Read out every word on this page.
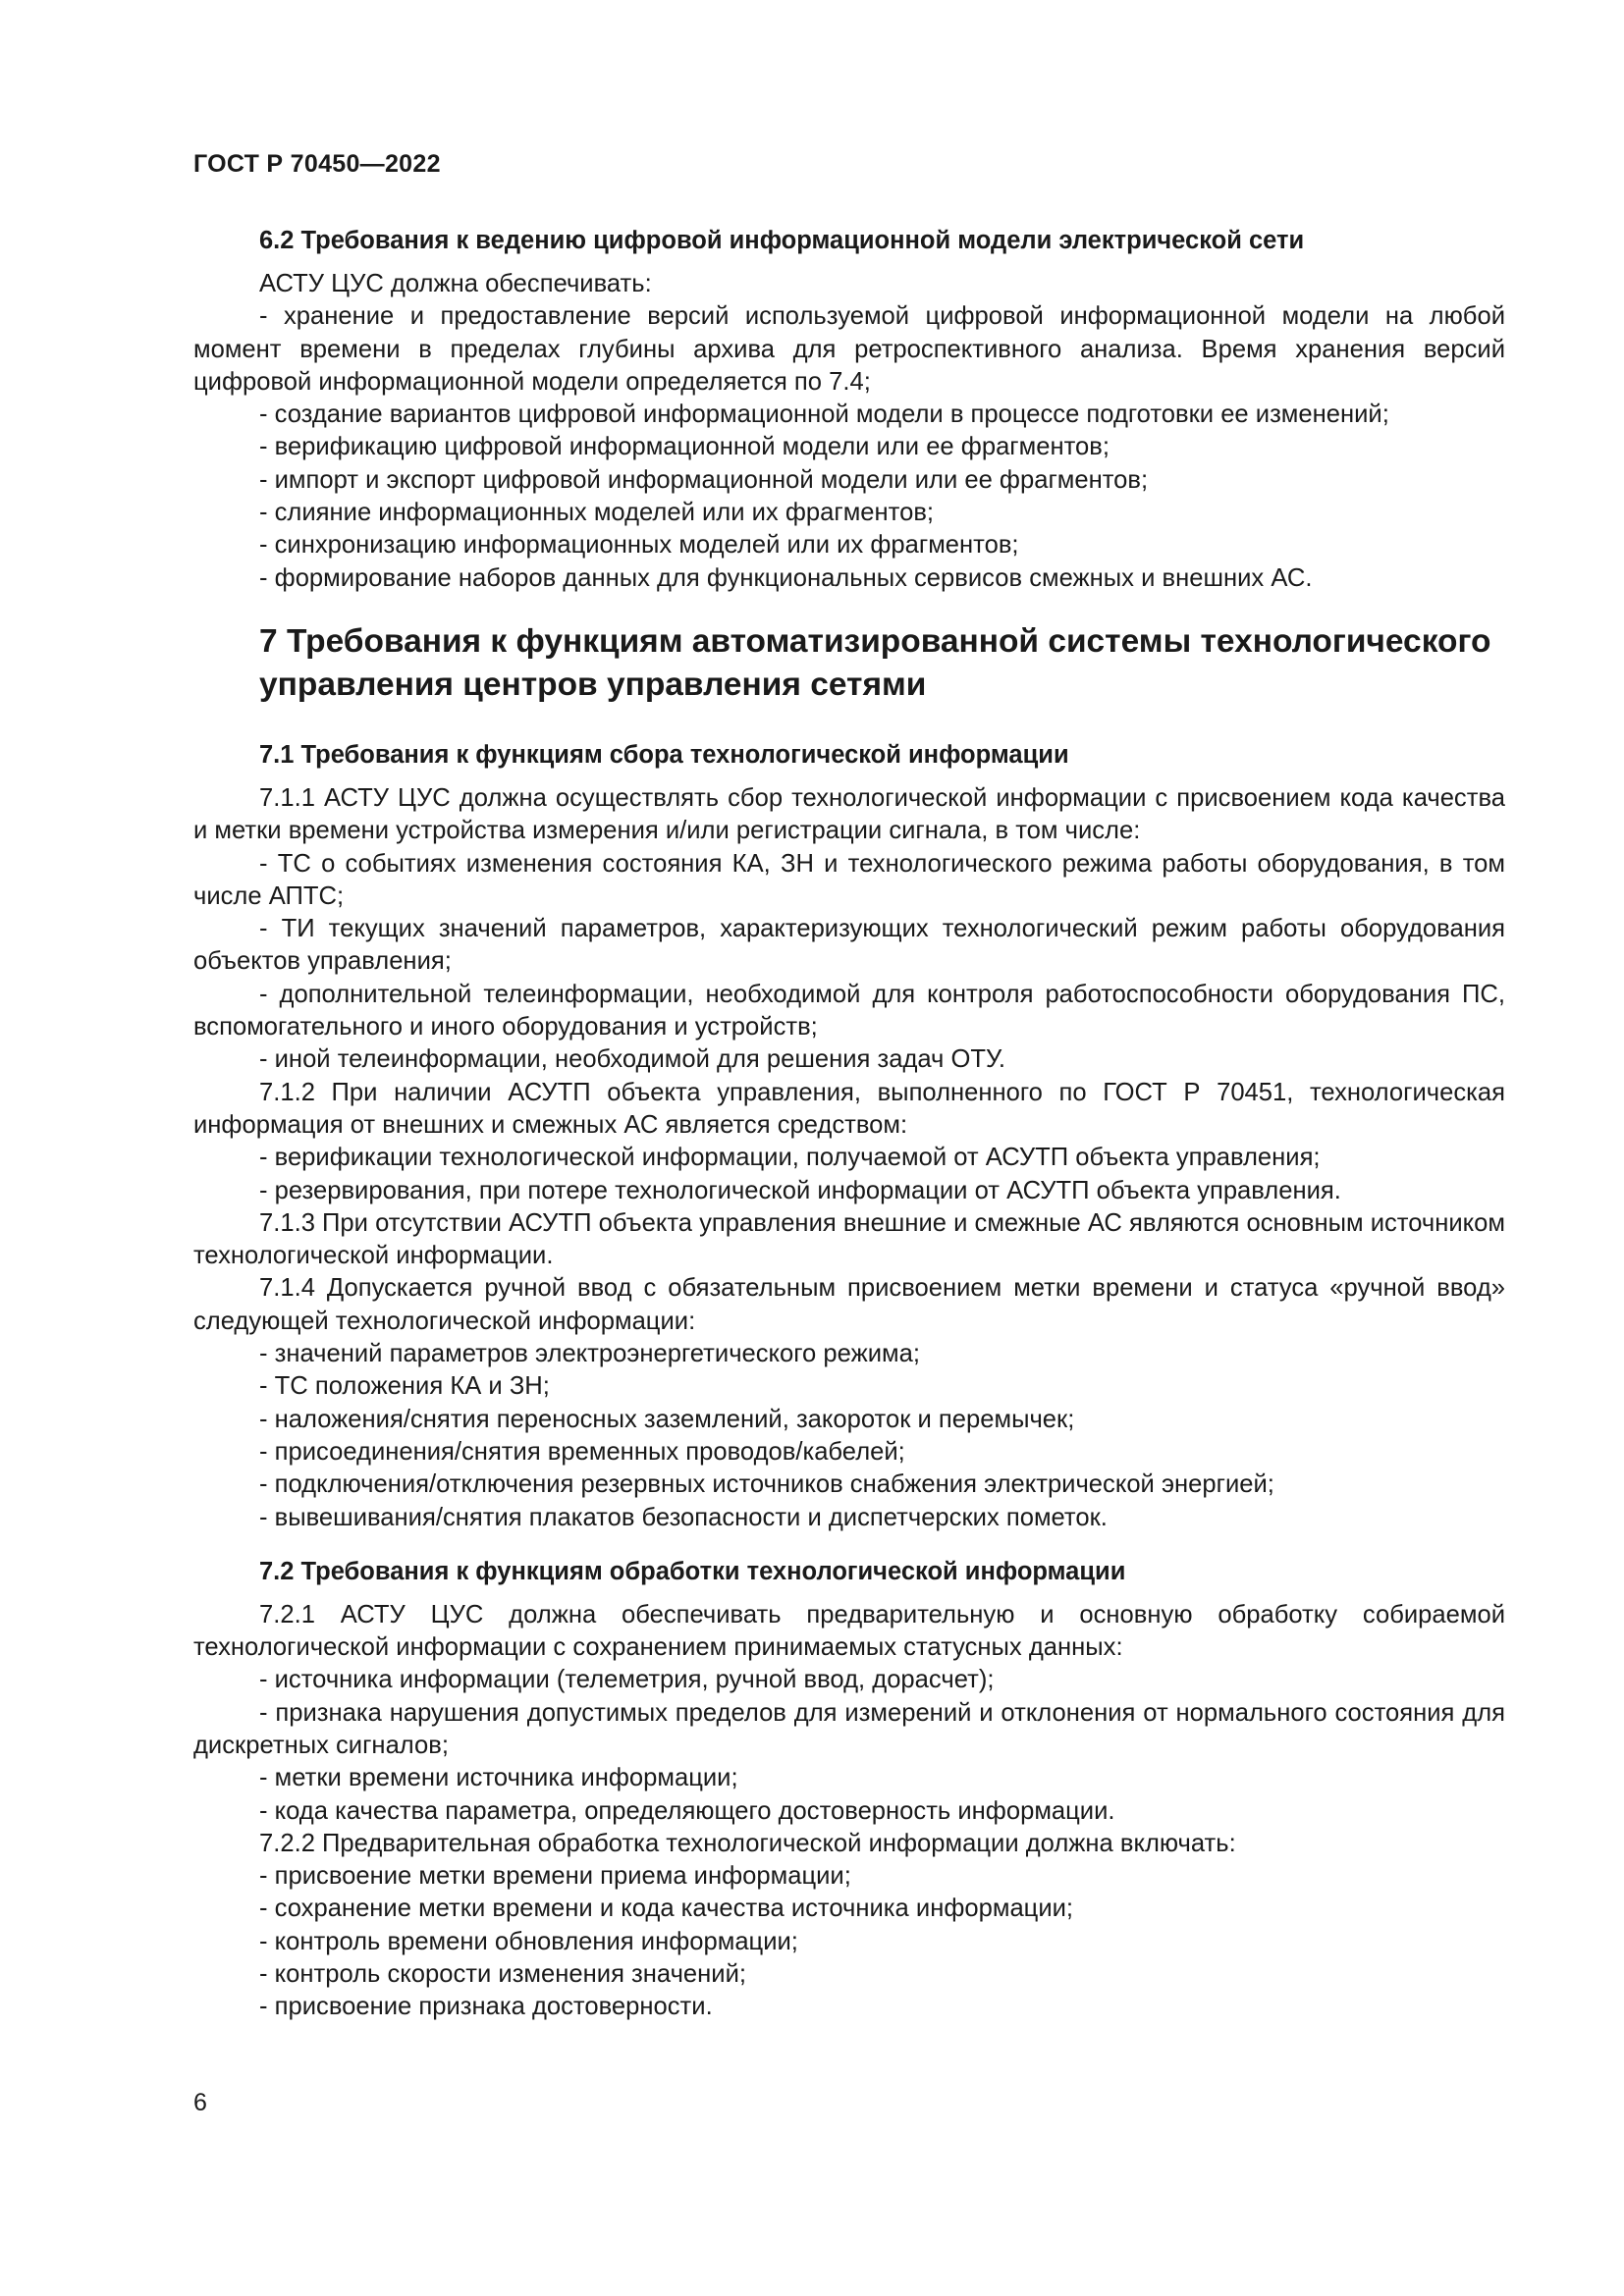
ГОСТ Р 70450—2022

6.2 Требования к ведению цифровой информационной модели электрической сети

АСТУ ЦУС должна обеспечивать:

- хранение и предоставление версий используемой цифровой информационной модели на любой момент времени в пределах глубины архива для ретроспективного анализа. Время хранения версий цифровой информационной модели определяется по 7.4;

- создание вариантов цифровой информационной модели в процессе подготовки ее изменений;

- верификацию цифровой информационной модели или ее фрагментов;

- импорт и экспорт цифровой информационной модели или ее фрагментов;

- слияние информационных моделей или их фрагментов;

- синхронизацию информационных моделей или их фрагментов;

- формирование наборов данных для функциональных сервисов смежных и внешних АС.

7 Требования к функциям автоматизированной системы технологического управления центров управления сетями

7.1 Требования к функциям сбора технологической информации

7.1.1 АСТУ ЦУС должна осуществлять сбор технологической информации с присвоением кода качества и метки времени устройства измерения и/или регистрации сигнала, в том числе:

- ТС о событиях изменения состояния КА, ЗН и технологического режима работы оборудования, в том числе АПТС;

- ТИ текущих значений параметров, характеризующих технологический режим работы оборудования объектов управления;

- дополнительной телеинформации, необходимой для контроля работоспособности оборудования ПС, вспомогательного и иного оборудования и устройств;

- иной телеинформации, необходимой для решения задач ОТУ.

7.1.2 При наличии АСУТП объекта управления, выполненного по ГОСТ Р 70451, технологическая информация от внешних и смежных АС является средством:

- верификации технологической информации, получаемой от АСУТП объекта управления;

- резервирования, при потере технологической информации от АСУТП объекта управления.

7.1.3 При отсутствии АСУТП объекта управления внешние и смежные АС являются основным источником технологической информации.

7.1.4 Допускается ручной ввод с обязательным присвоением метки времени и статуса «ручной ввод» следующей технологической информации:

- значений параметров электроэнергетического режима;

- ТС положения КА и ЗН;

- наложения/снятия переносных заземлений, закороток и перемычек;

- присоединения/снятия временных проводов/кабелей;

- подключения/отключения резервных источников снабжения электрической энергией;

- вывешивания/снятия плакатов безопасности и диспетчерских пометок.

7.2 Требования к функциям обработки технологической информации

7.2.1 АСТУ ЦУС должна обеспечивать предварительную и основную обработку собираемой технологической информации с сохранением принимаемых статусных данных:

- источника информации (телеметрия, ручной ввод, дорасчет);

- признака нарушения допустимых пределов для измерений и отклонения от нормального состояния для дискретных сигналов;

- метки времени источника информации;

- кода качества параметра, определяющего достоверность информации.

7.2.2 Предварительная обработка технологической информации должна включать:

- присвоение метки времени приема информации;

- сохранение метки времени и кода качества источника информации;

- контроль времени обновления информации;

- контроль скорости изменения значений;

- присвоение признака достоверности.

6
